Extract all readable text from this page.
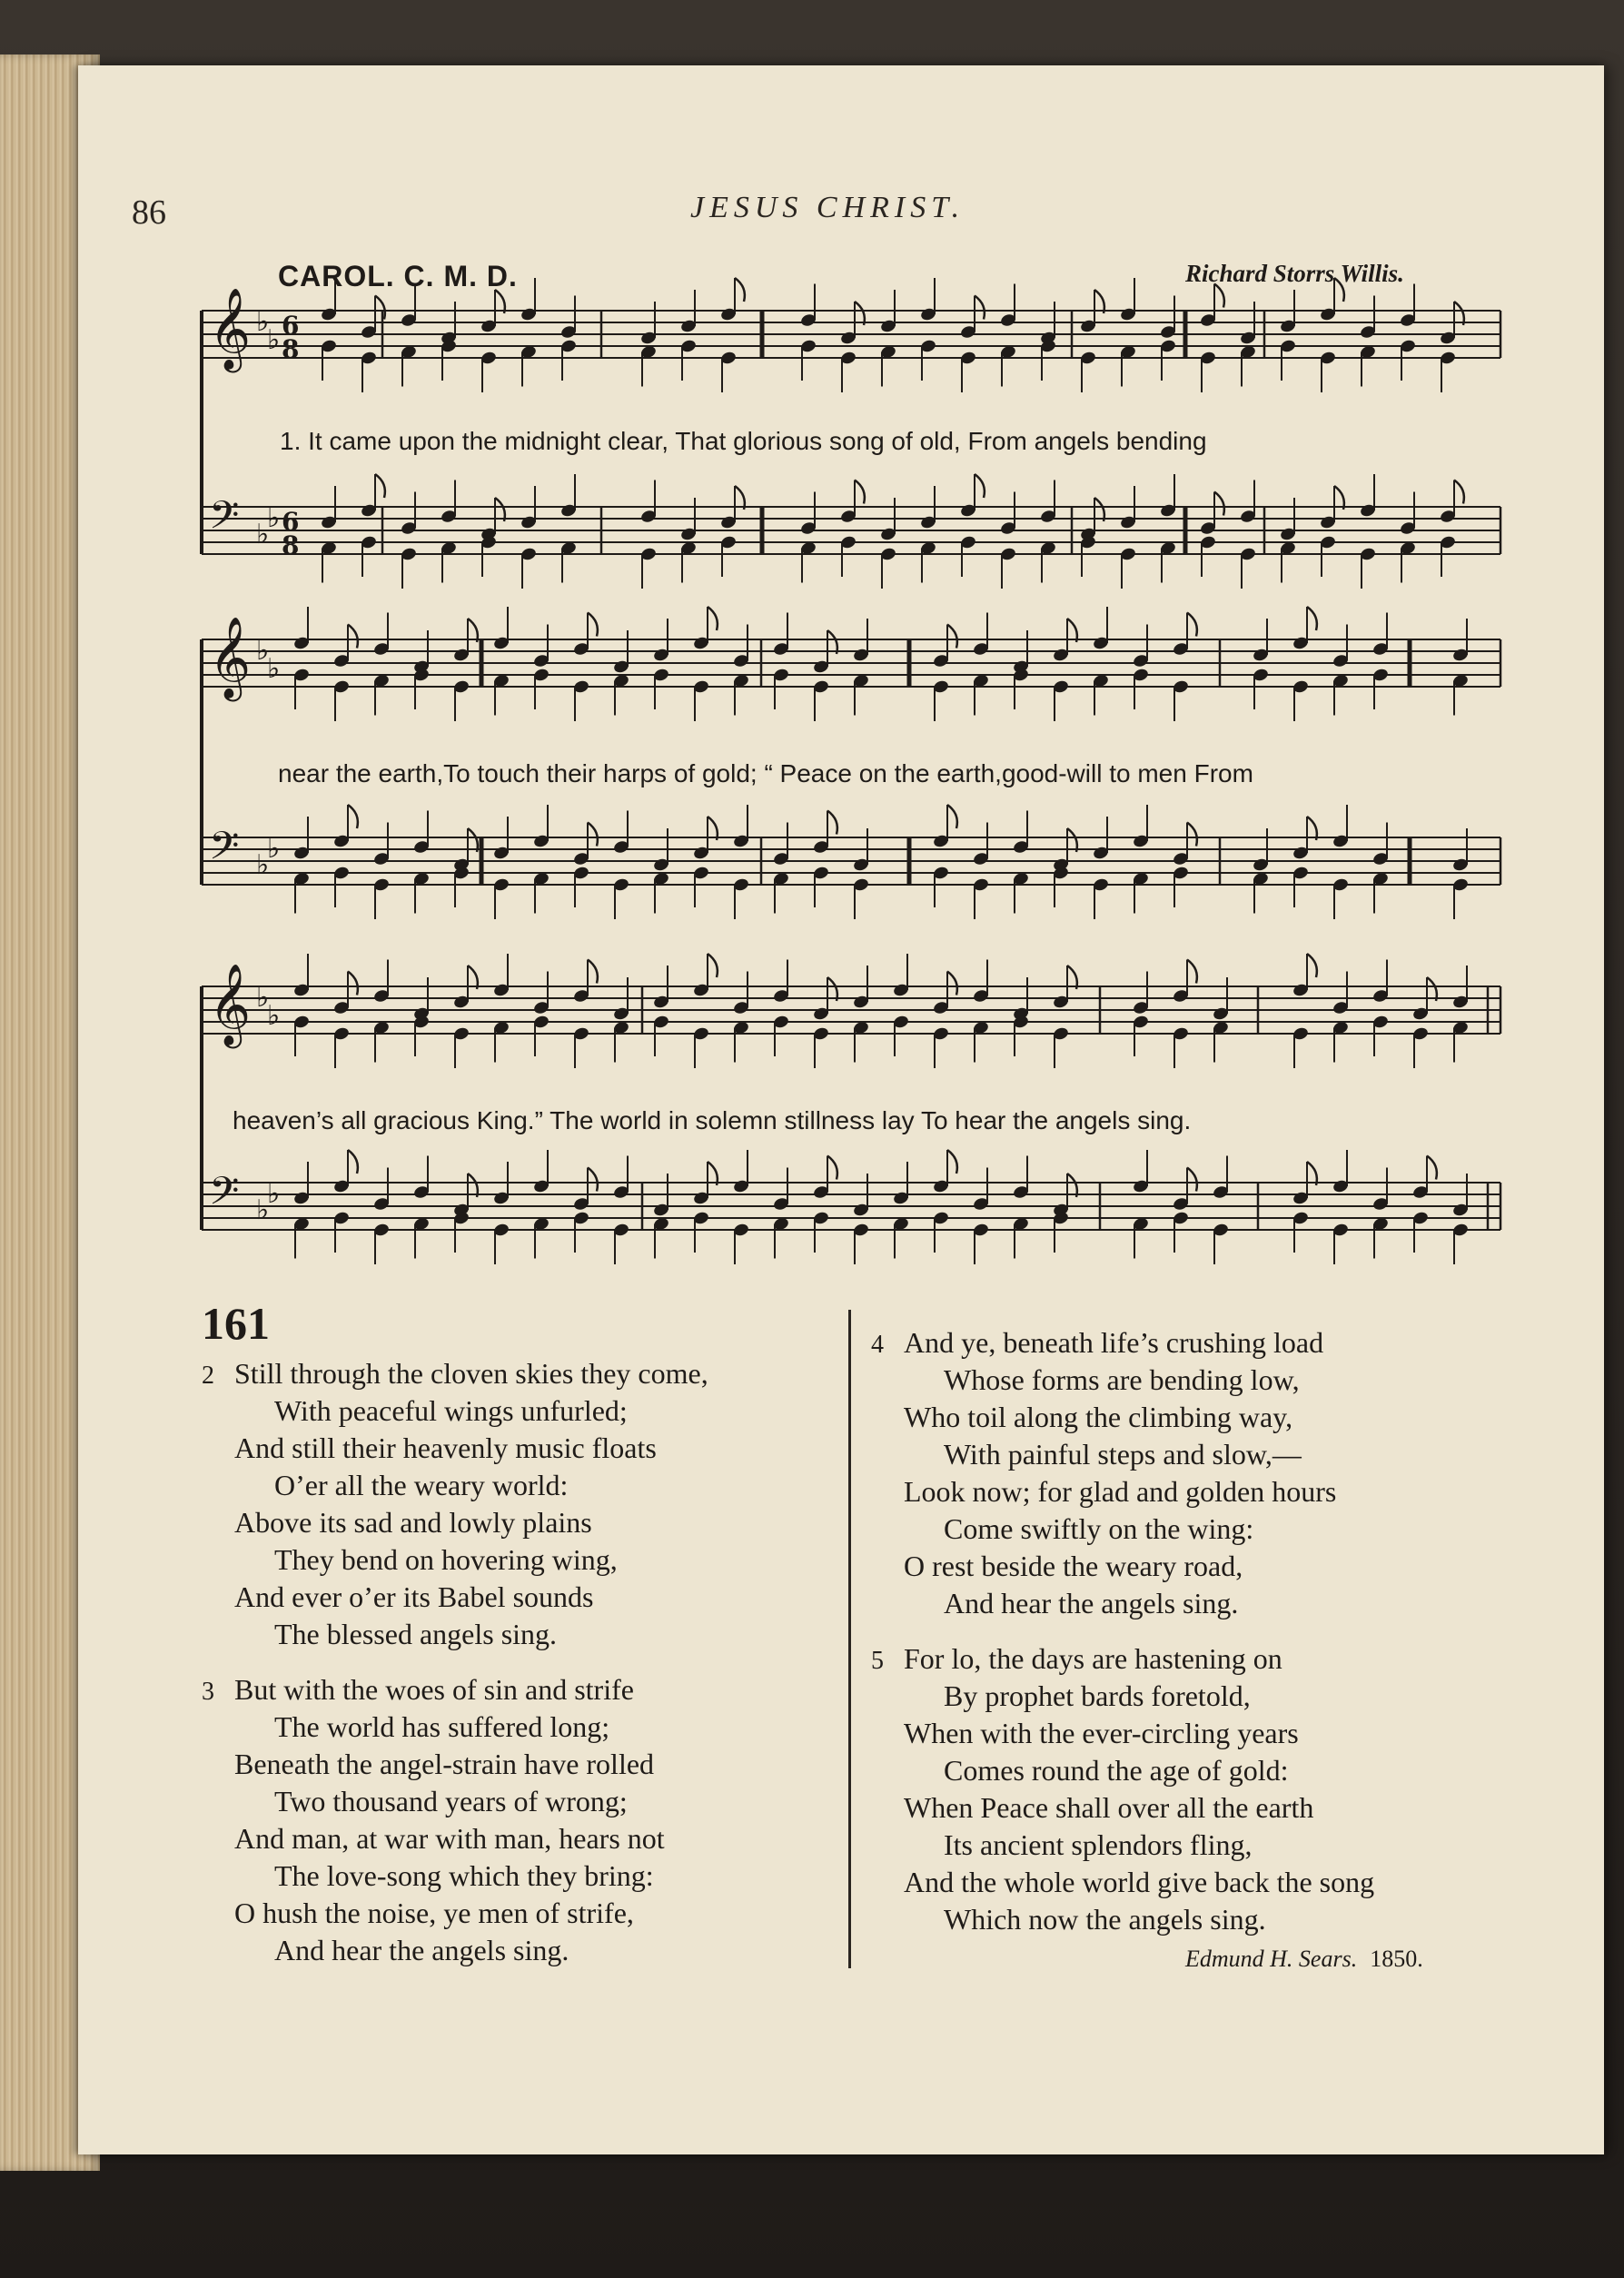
86	JESUS CHRIST.
CAROL. C. M. D.	Richard Storrs Willis.
𝄞 ♭
♭ 6
8
𝄢 ♭
♭ 6
8
𝄞 ♭
♭
𝄢 ♭
♭
𝄞 ♭
♭
𝄢 ♭
♭
1. It came upon the midnight clear, That glorious song of old, From angels bending
near the earth,To touch their harps of gold; “ Peace on the earth,good-will to men From
heaven’s all gracious King.” The world in solemn stillness lay To hear the angels sing.
161
2 Still through the cloven skies they come,
With peaceful wings unfurled;
And still their heavenly music floats
O’er all the weary world:
Above its sad and lowly plains
They bend on hovering wing,
And ever o’er its Babel sounds
The blessed angels sing.
3 But with the woes of sin and strife
The world has suffered long;
Beneath the angel-strain have rolled
Two thousand years of wrong;
And man, at war with man, hears not
The love-song which they bring:
O hush the noise, ye men of strife,
And hear the angels sing.
4 And ye, beneath life’s crushing load
Whose forms are bending low,
Who toil along the climbing way,
With painful steps and slow,—
Look now; for glad and golden hours
Come swiftly on the wing:
O rest beside the weary road,
And hear the angels sing.
5 For lo, the days are hastening on
By prophet bards foretold,
When with the ever-circling years
Comes round the age of gold:
When Peace shall over all the earth
Its ancient splendors fling,
And the whole world give back the song
Which now the angels sing.
Edmund H. Sears. 1850.
